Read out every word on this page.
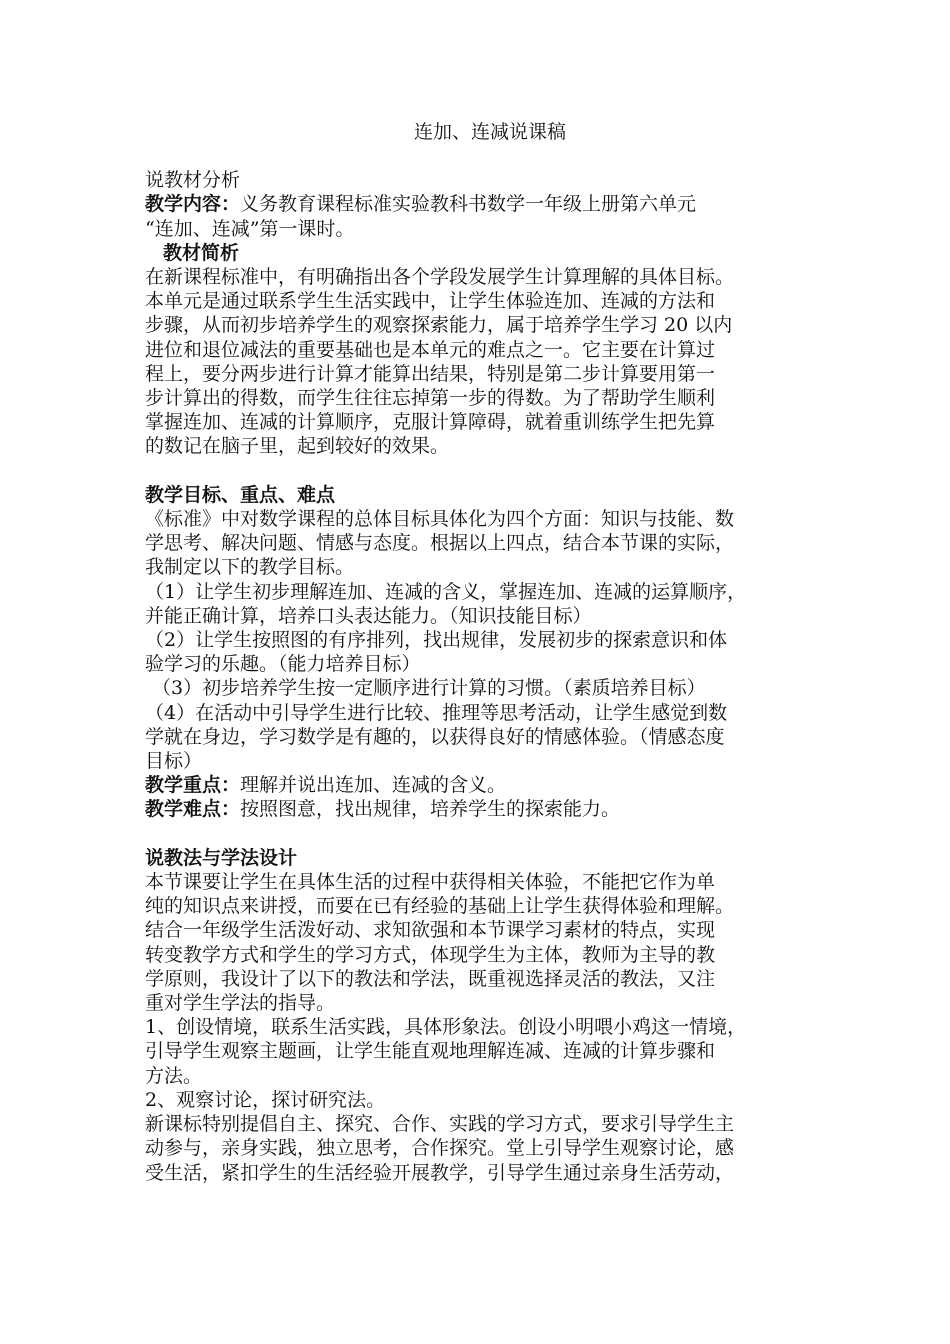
连加、连减说课稿
说教材分析
教学内容：义务教育课程标准实验教科书数学一年级上册第六单元
“连加、连减”第一课时。
教材简析
在新课程标准中，有明确指出各个学段发展学生计算理解的具体目标。
本单元是通过联系学生生活实践中，让学生体验连加、连减的方法和
步骤，从而初步培养学生的观察探索能力，属于培养学生学习 20 以内
进位和退位减法的重要基础也是本单元的难点之一。它主要在计算过
程上，要分两步进行计算才能算出结果，特别是第二步计算要用第一
步计算出的得数，而学生往往忘掉第一步的得数。为了帮助学生顺利
掌握连加、连减的计算顺序，克服计算障碍，就着重训练学生把先算
的数记在脑子里，起到较好的效果。
教学目标、重点、难点
《标准》中对数学课程的总体目标具体化为四个方面：知识与技能、数
学思考、解决问题、情感与态度。根据以上四点，结合本节课的实际，
我制定以下的教学目标。
（1）让学生初步理解连加、连减的含义，掌握连加、连减的运算顺序，
并能正确计算，培养口头表达能力。（知识技能目标）
（2）让学生按照图的有序排列，找出规律，发展初步的探索意识和体
验学习的乐趣。（能力培养目标）
（3）初步培养学生按一定顺序进行计算的习惯。（素质培养目标）
（4）在活动中引导学生进行比较、推理等思考活动，让学生感觉到数
学就在身边，学习数学是有趣的，以获得良好的情感体验。（情感态度
目标）
教学重点：理解并说出连加、连减的含义。
教学难点：按照图意，找出规律，培养学生的探索能力。
说教法与学法设计
本节课要让学生在具体生活的过程中获得相关体验，不能把它作为单
纯的知识点来讲授，而要在已有经验的基础上让学生获得体验和理解。
结合一年级学生活泼好动、求知欲强和本节课学习素材的特点，实现
转变教学方式和学生的学习方式，体现学生为主体，教师为主导的教
学原则，我设计了以下的教法和学法，既重视选择灵活的教法，又注
重对学生学法的指导。
1、创设情境，联系生活实践，具体形象法。创设小明喂小鸡这一情境，
引导学生观察主题画，让学生能直观地理解连减、连减的计算步骤和
方法。
2、观察讨论，探讨研究法。
新课标特别提倡自主、探究、合作、实践的学习方式，要求引导学生主
动参与，亲身实践，独立思考，合作探究。堂上引导学生观察讨论，感
受生活，紧扣学生的生活经验开展教学，引导学生通过亲身生活劳动，
